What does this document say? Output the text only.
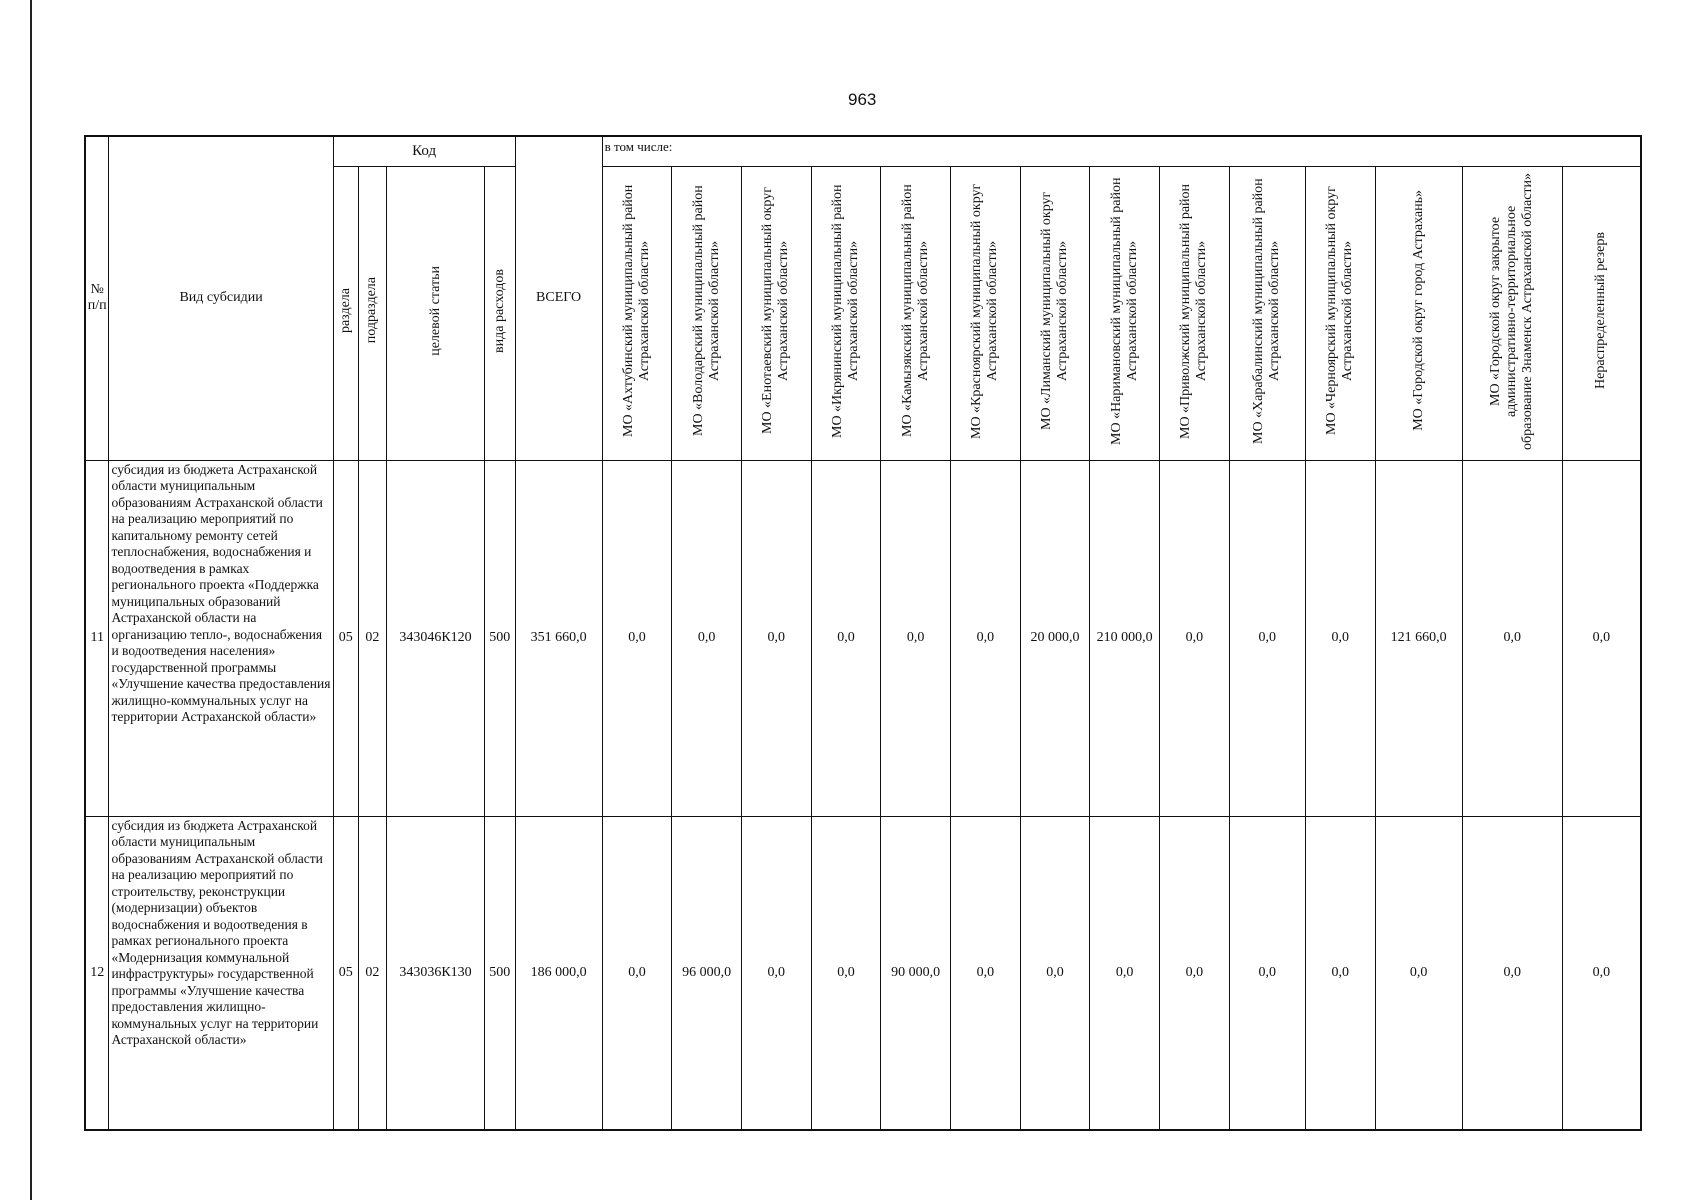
963
№ п/п	Вид субсидии	Код				ВСЕГО	в том числе:													
		раздела	подраздела	целевой статьи	вида расходов		МО «Ахтубинский муниципальный район Астраханской области»	МО «Володарский муниципальный район Астраханской области»	МО «Енотаевский муниципальный округ Астраханской области»	МО «Икрянинский муниципальный район Астраханской области»	МО «Камызякский муниципальный район Астраханской области»	МО «Красноярский муниципальный округ Астраханской области»	МО «Лиманский муниципальный округ Астраханской области»	МО «Наримановский муниципальный район Астраханской области»	МО «Приволжский муниципальный район Астраханской области»	МО «Харабалинский муниципальный район Астраханской области»	МО «Черноярский муниципальный округ Астраханской области»	МО «Городской округ город Астрахань»	МО «Городской округ закрытое административно-территориальное образование Знаменск Астраханской области»	Нераспределенный резерв
11	субсидия из бюджета Астраханской области муниципальным образованиям Астраханской области на реализацию мероприятий по капитальному ремонту сетей теплоснабжения, водоснабжения и водоотведения в рамках регионального проекта «Поддержка муниципальных образований Астраханской области на организацию тепло-, водоснабжения и водоотведения населения» государственной программы «Улучшение качества предоставления жилищно-коммунальных услуг на территории Астраханской области»	05	02	343046К120	500	351 660,0	0,0	0,0	0,0	0,0	0,0	0,0	20 000,0	210 000,0	0,0	0,0	0,0	121 660,0	0,0	0,0
12	субсидия из бюджета Астраханской области муниципальным образованиям Астраханской области на реализацию мероприятий по строительству, реконструкции (модернизации) объектов водоснабжения и водоотведения в рамках регионального проекта «Модернизация коммунальной инфраструктуры» государственной программы «Улучшение качества предоставления жилищно-коммунальных услуг на территории Астраханской области»	05	02	343036К130	500	186 000,0	0,0	96 000,0	0,0	0,0	90 000,0	0,0	0,0	0,0	0,0	0,0	0,0	0,0	0,0	0,0
